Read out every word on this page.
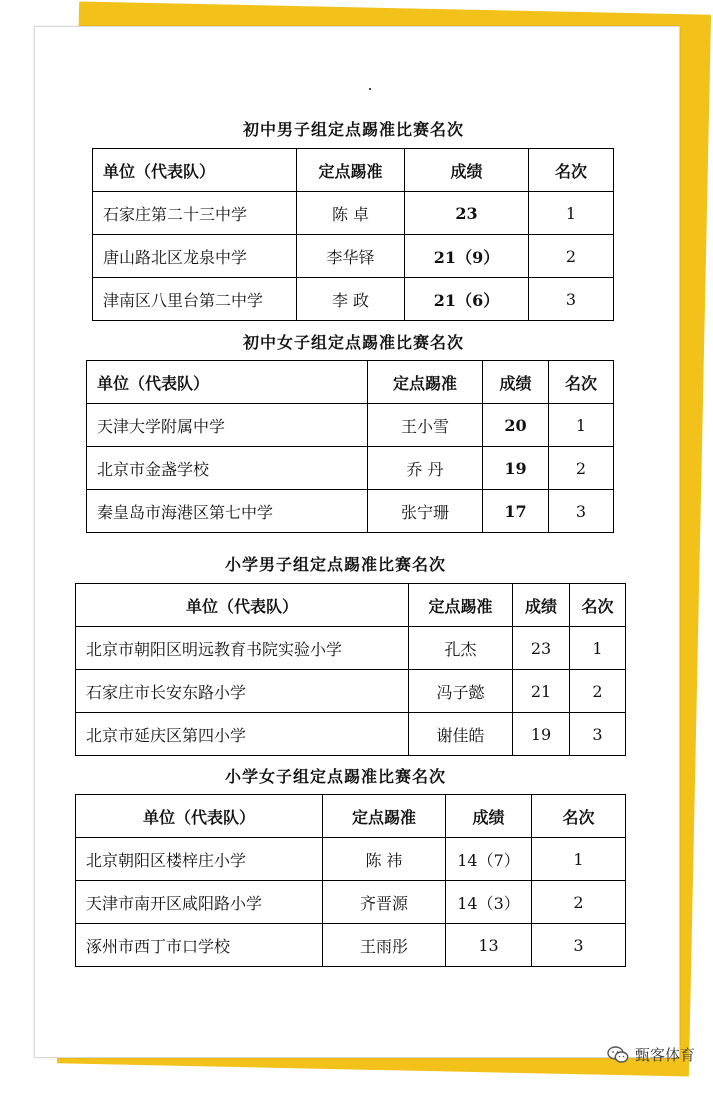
初中男子组定点踢准比赛名次
单位（代表队）	定点踢准	成绩	名次
石家庄第二十三中学	陈 卓	23	1
唐山路北区龙泉中学	李华铎	21（9）	2
津南区八里台第二中学	李 政	21（6）	3
初中女子组定点踢准比赛名次
单位（代表队）	定点踢准	成绩	名次
天津大学附属中学	王小雪	20	1
北京市金盏学校	乔 丹	19	2
秦皇岛市海港区第七中学	张宁珊	17	3
小学男子组定点踢准比赛名次
单位（代表队）	定点踢准	成绩	名次
北京市朝阳区明远教育书院实验小学	孔杰	23	1
石家庄市长安东路小学	冯子懿	21	2
北京市延庆区第四小学	谢佳皓	19	3
小学女子组定点踢准比赛名次
单位（代表队）	定点踢准	成绩	名次
北京朝阳区楼梓庄小学	陈 祎	14（7）	1
天津市南开区咸阳路小学	齐晋源	14（3）	2
涿州市西丁市口学校	王雨彤	13	3
甄客体育
